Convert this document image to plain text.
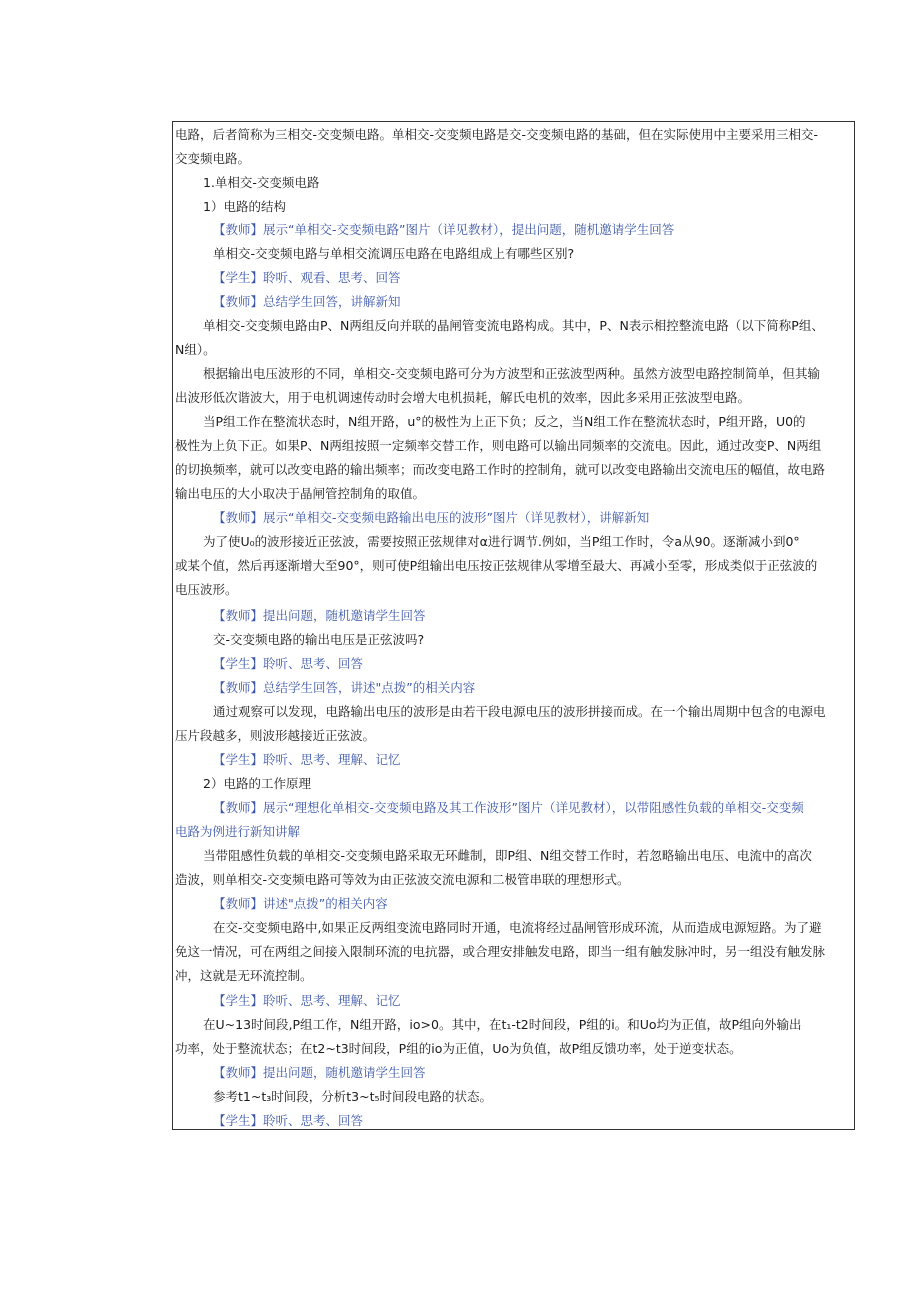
电路，后者简称为三相交-交变频电路。单相交-交变频电路是交-交变频电路的基础，但在实际使用中主要采用三相交-
交变频电路。
1.单相交-交变频电路
1）电路的结构
【教师】展示“单相交-交变频电路”图片（详见教材），提出问题，随机邀请学生回答
单相交-交变频电路与单相交流调压电路在电路组成上有哪些区别?
【学生】聆听、观看、思考、回答
【教师】总结学生回答，讲解新知
单相交-交变频电路由P、N两组反向并联的晶闸管变流电路构成。其中，P、N表示相控整流电路（以下简称P组、
N组）。
根据输出电压波形的不同，单相交-交变频电路可分为方波型和正弦波型两种。虽然方波型电路控制简单，但其输
出波形低次谐波大，用于电机调速传动时会增大电机损耗，解氏电机的效率，因此多采用正弦波型电路。
当P组工作在整流状态时，N组开路，u°的极性为上正下负；反之，当N组工作在整流状态时，P组开路，U0的
极性为上负下正。如果P、N两组按照一定频率交替工作，则电路可以输出同频率的交流电。因此，通过改变P、N两组
的切换频率，就可以改变电路的输出频率；而改变电路工作时的控制角，就可以改变电路输出交流电压的幅值，故电路
输出电压的大小取决于晶闸管控制角的取值。
【教师】展示“单相交-交变频电路输出电压的波形”图片（详见教材），讲解新知
为了使U₀的波形接近正弦波，需要按照正弦规律对α进行调节.例如，当P组工作时，令a从90。逐渐减小到0°
或某个值，然后再逐渐增大至90°，则可使P组输出电压按正弦规律从零增至最大、再减小至零，形成类似于正弦波的
电压波形。
【教师】提出问题，随机邀请学生回答
交-交变频电路的输出电压是正弦波吗?
【学生】聆听、思考、回答
【教师】总结学生回答，讲述"点拨”的相关内容
通过观察可以发现，电路输出电压的波形是由若干段电源电压的波形拼接而成。在一个输出周期中包含的电源电
压片段越多，则波形越接近正弦波。
【学生】聆听、思考、理解、记忆
2）电路的工作原理
【教师】展示“理想化单相交-交变频电路及其工作波形”图片（详见教材），以带阻感性负载的单相交-交变频
电路为例进行新知讲解
当带阻感性负载的单相交-交变频电路采取无环雌制，即P组、N组交替工作时，若忽略输出电压、电流中的高次
造波，则单相交-交变频电路可等效为由正弦波交流电源和二极管串联的理想形式。
【教师】讲述"点拨”的相关内容
在交-交变频电路中,如果正反两组变流电路同时开通，电流将经过晶闸管形成环流，从而造成电源短路。为了避
免这一情况，可在两组之间接入限制环流的电抗器，或合理安排触发电路，即当一组有触发脉冲时，另一组没有触发脉
冲，这就是无环流控制。
【学生】聆听、思考、理解、记忆
在U~13时间段,P组工作，N组开路，io>0。其中，在t₁-t2时间段，P组的i。和Uo均为正值，故P组向外输出
功率，处于整流状态；在t2~t3时间段，P组的io为正值，Uo为负值，故P组反馈功率，处于逆变状态。
【教师】提出问题，随机邀请学生回答
参考t1~t₃时间段，分析t3~t₅时间段电路的状态。
【学生】聆听、思考、回答
